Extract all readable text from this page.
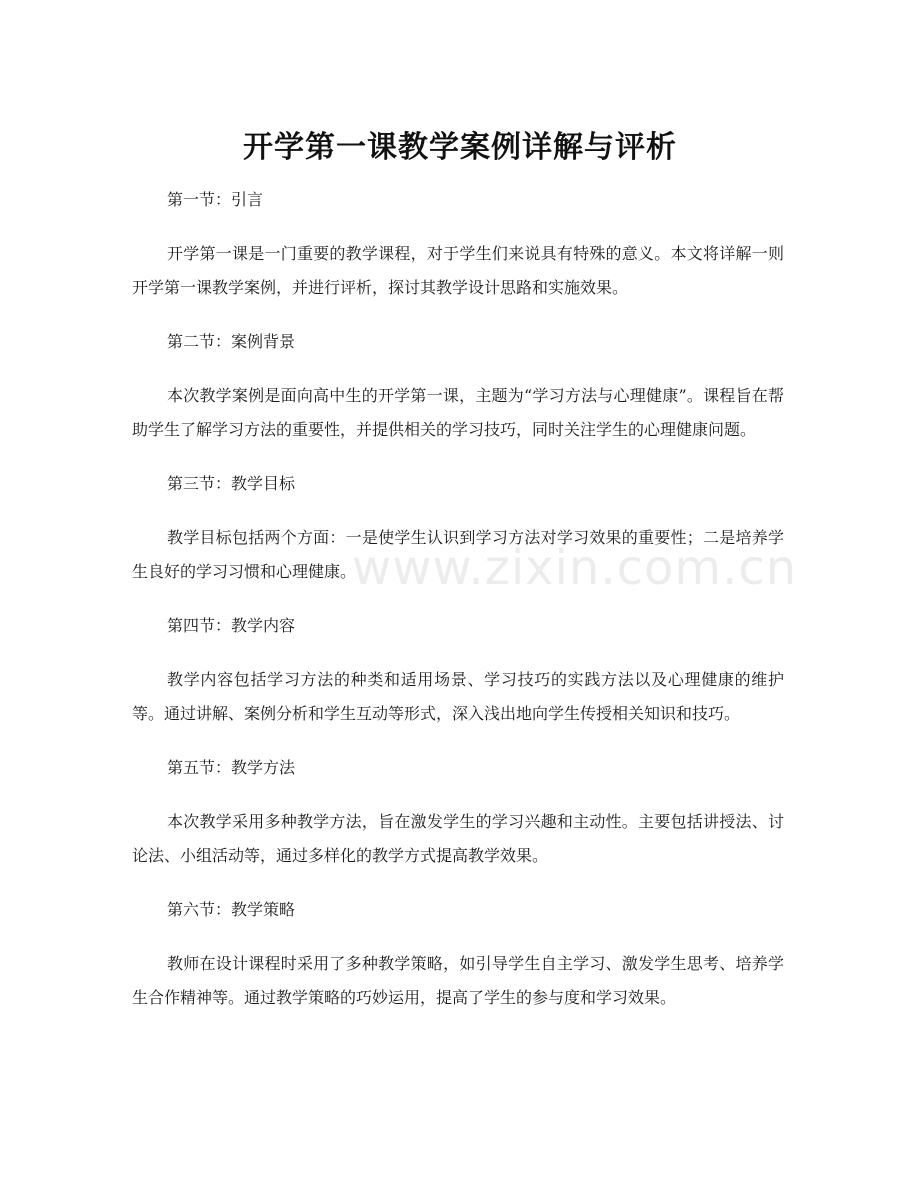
www.zixin.com.cn
开学第一课教学案例详解与评析

第一节：引言

开学第一课是一门重要的教学课程，对于学生们来说具有特殊的意义。本文将详解一则开学第一课教学案例，并进行评析，探讨其教学设计思路和实施效果。

第二节：案例背景

本次教学案例是面向高中生的开学第一课，主题为“学习方法与心理健康”。课程旨在帮助学生了解学习方法的重要性，并提供相关的学习技巧，同时关注学生的心理健康问题。

第三节：教学目标

教学目标包括两个方面：一是使学生认识到学习方法对学习效果的重要性；二是培养学生良好的学习习惯和心理健康。

第四节：教学内容

教学内容包括学习方法的种类和适用场景、学习技巧的实践方法以及心理健康的维护等。通过讲解、案例分析和学生互动等形式，深入浅出地向学生传授相关知识和技巧。

第五节：教学方法

本次教学采用多种教学方法，旨在激发学生的学习兴趣和主动性。主要包括讲授法、讨论法、小组活动等，通过多样化的教学方式提高教学效果。

第六节：教学策略

教师在设计课程时采用了多种教学策略，如引导学生自主学习、激发学生思考、培养学生合作精神等。通过教学策略的巧妙运用，提高了学生的参与度和学习效果。
